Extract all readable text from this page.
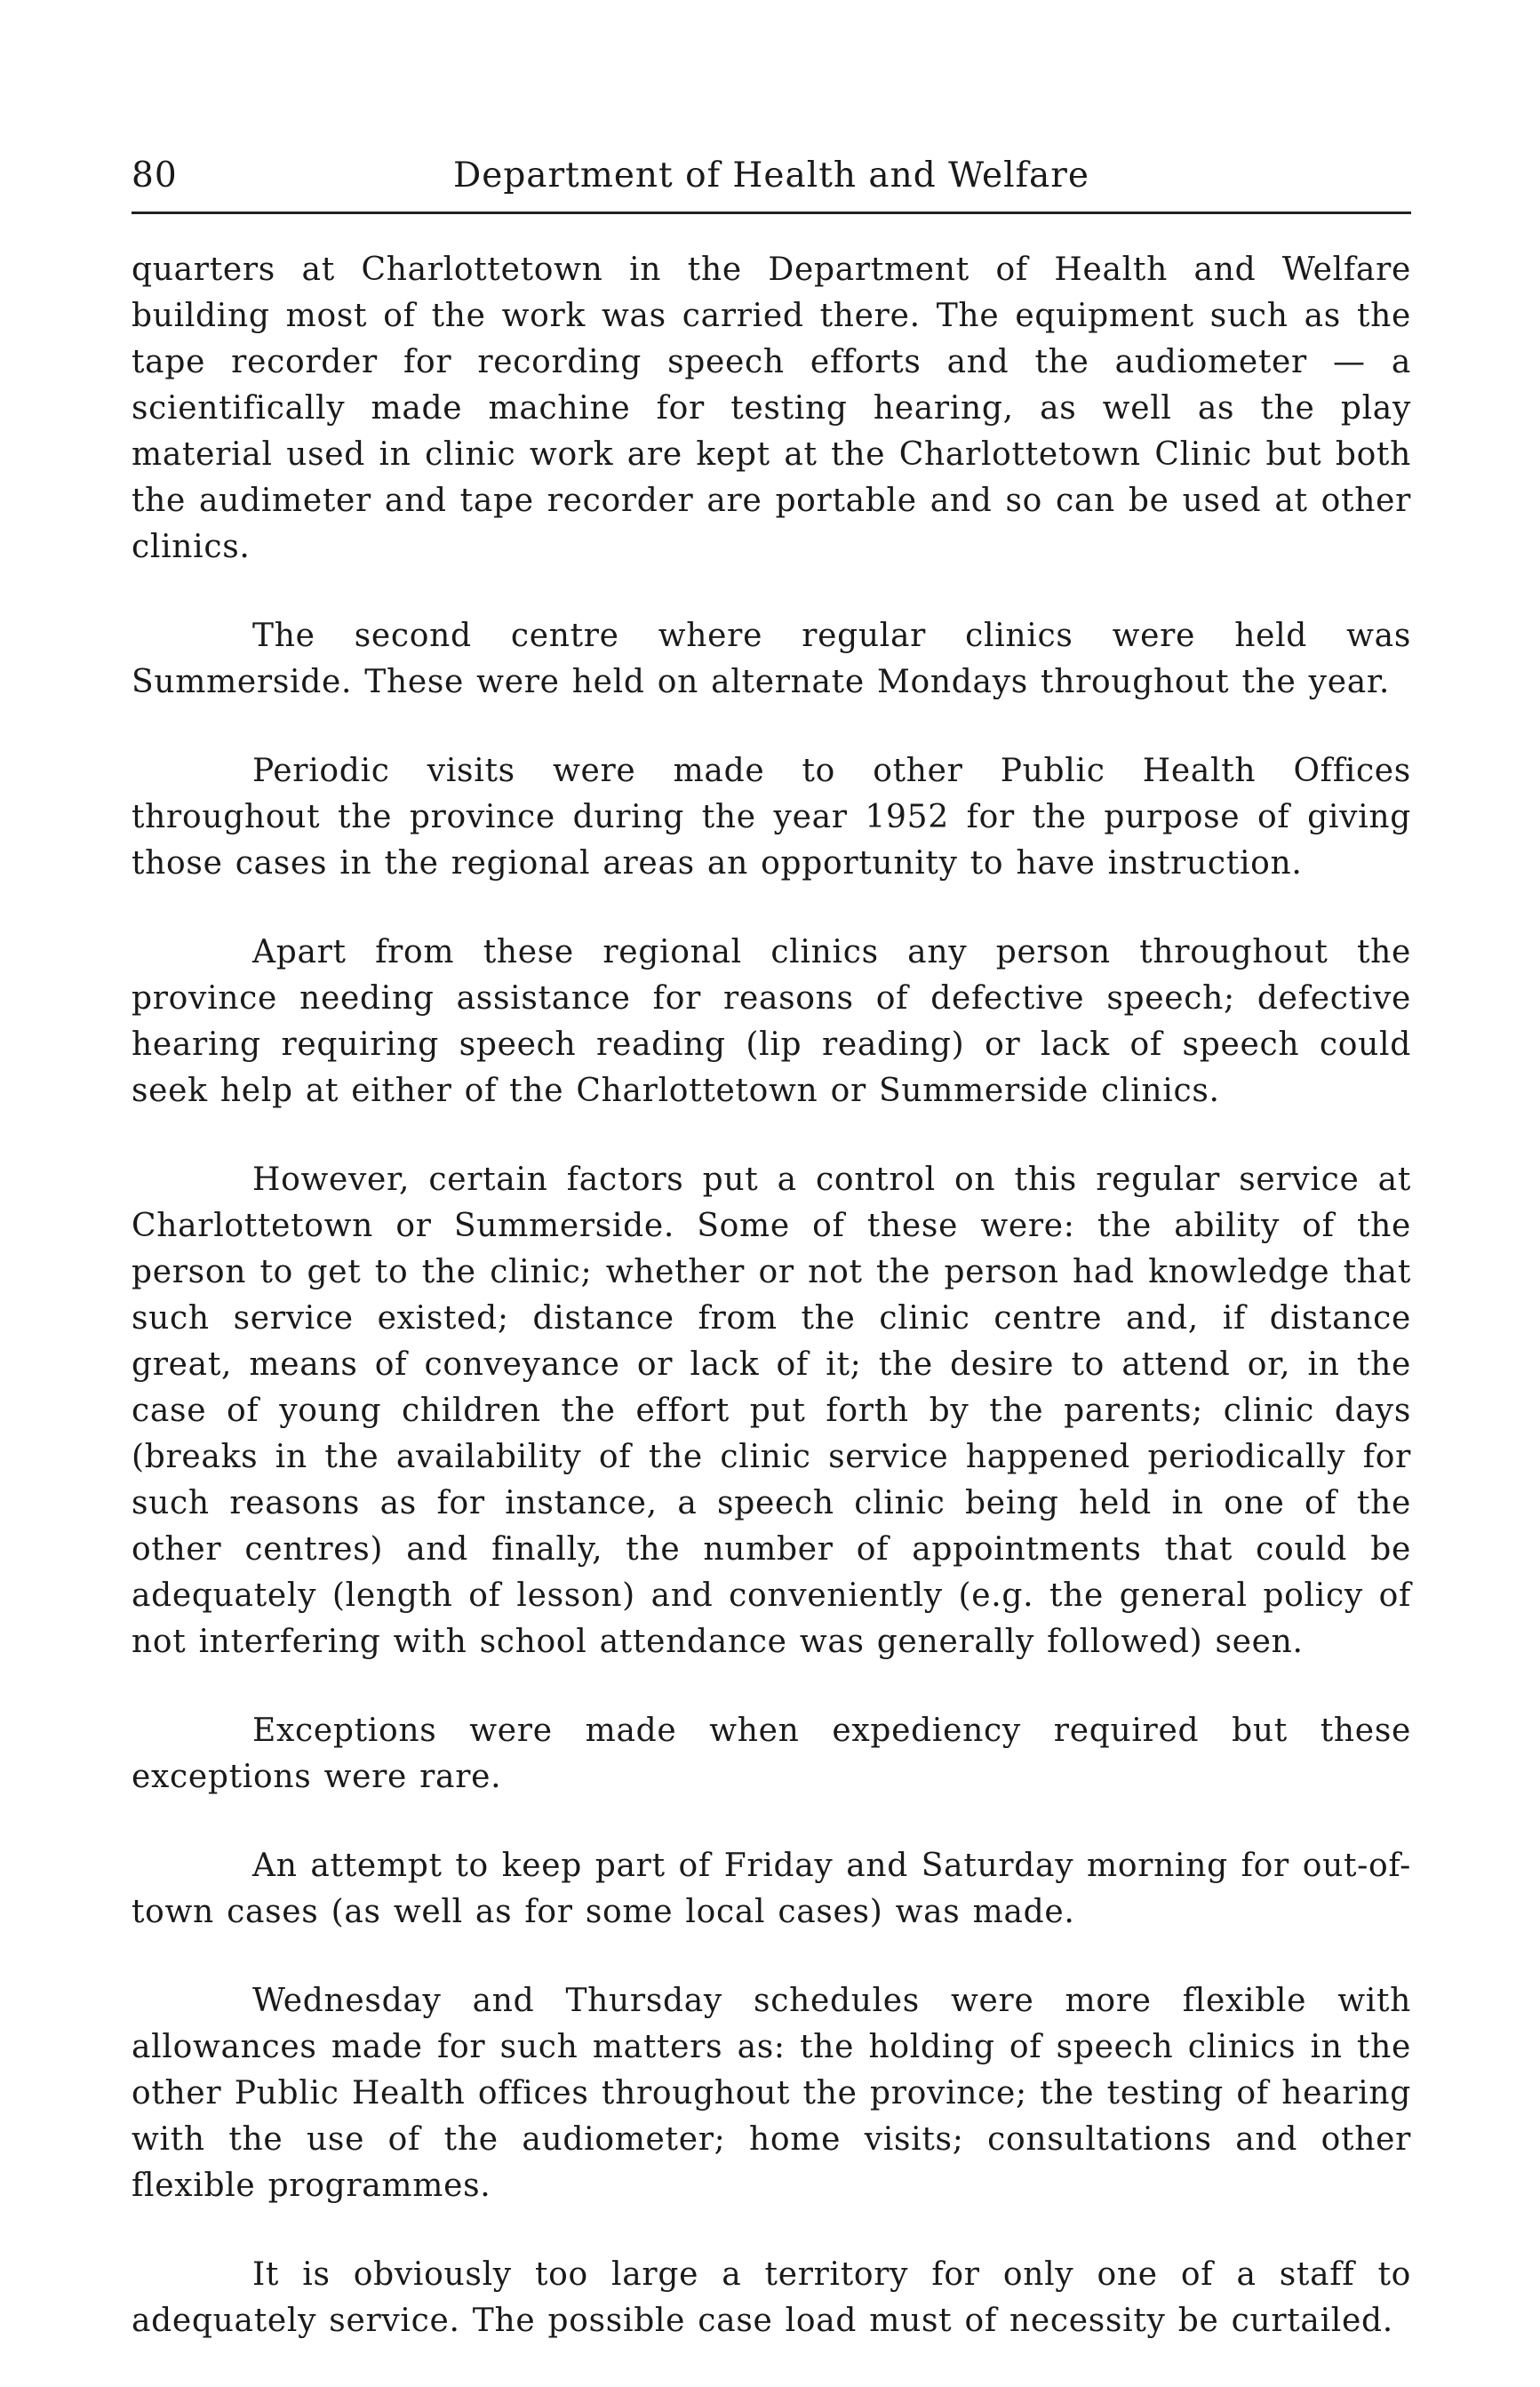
80	Department of Health and Welfare

quarters at Charlottetown in the Department of Health and Welfare building most of the work was carried there. The equipment such as the tape recorder for recording speech efforts and the audiometer — a scientifically made machine for testing hearing, as well as the play material used in clinic work are kept at the Charlottetown Clinic but both the audimeter and tape recorder are portable and so can be used at other clinics.

The second centre where regular clinics were held was Summerside. These were held on alternate Mondays throughout the year.

Periodic visits were made to other Public Health Offices throughout the province during the year 1952 for the purpose of giving those cases in the regional areas an opportunity to have instruction.

Apart from these regional clinics any person throughout the province needing assistance for reasons of defective speech; defective hearing requiring speech reading (lip reading) or lack of speech could seek help at either of the Charlottetown or Summerside clinics.

However, certain factors put a control on this regular service at Charlottetown or Summerside. Some of these were: the ability of the person to get to the clinic; whether or not the person had knowledge that such service existed; distance from the clinic centre and, if distance great, means of conveyance or lack of it; the desire to attend or, in the case of young children the effort put forth by the parents; clinic days (breaks in the availability of the clinic service happened periodically for such reasons as for instance, a speech clinic being held in one of the other centres) and finally, the number of appointments that could be adequately (length of lesson) and conveniently (e.g. the general policy of not interfering with school attendance was generally followed) seen.

Exceptions were made when expediency required but these exceptions were rare.

An attempt to keep part of Friday and Saturday morning for out-of-town cases (as well as for some local cases) was made.

Wednesday and Thursday schedules were more flexible with allowances made for such matters as: the holding of speech clinics in the other Public Health offices throughout the province; the testing of hearing with the use of the audiometer; home visits; consultations and other flexible programmes.

It is obviously too large a territory for only one of a staff to adequately service. The possible case load must of necessity be curtailed.
